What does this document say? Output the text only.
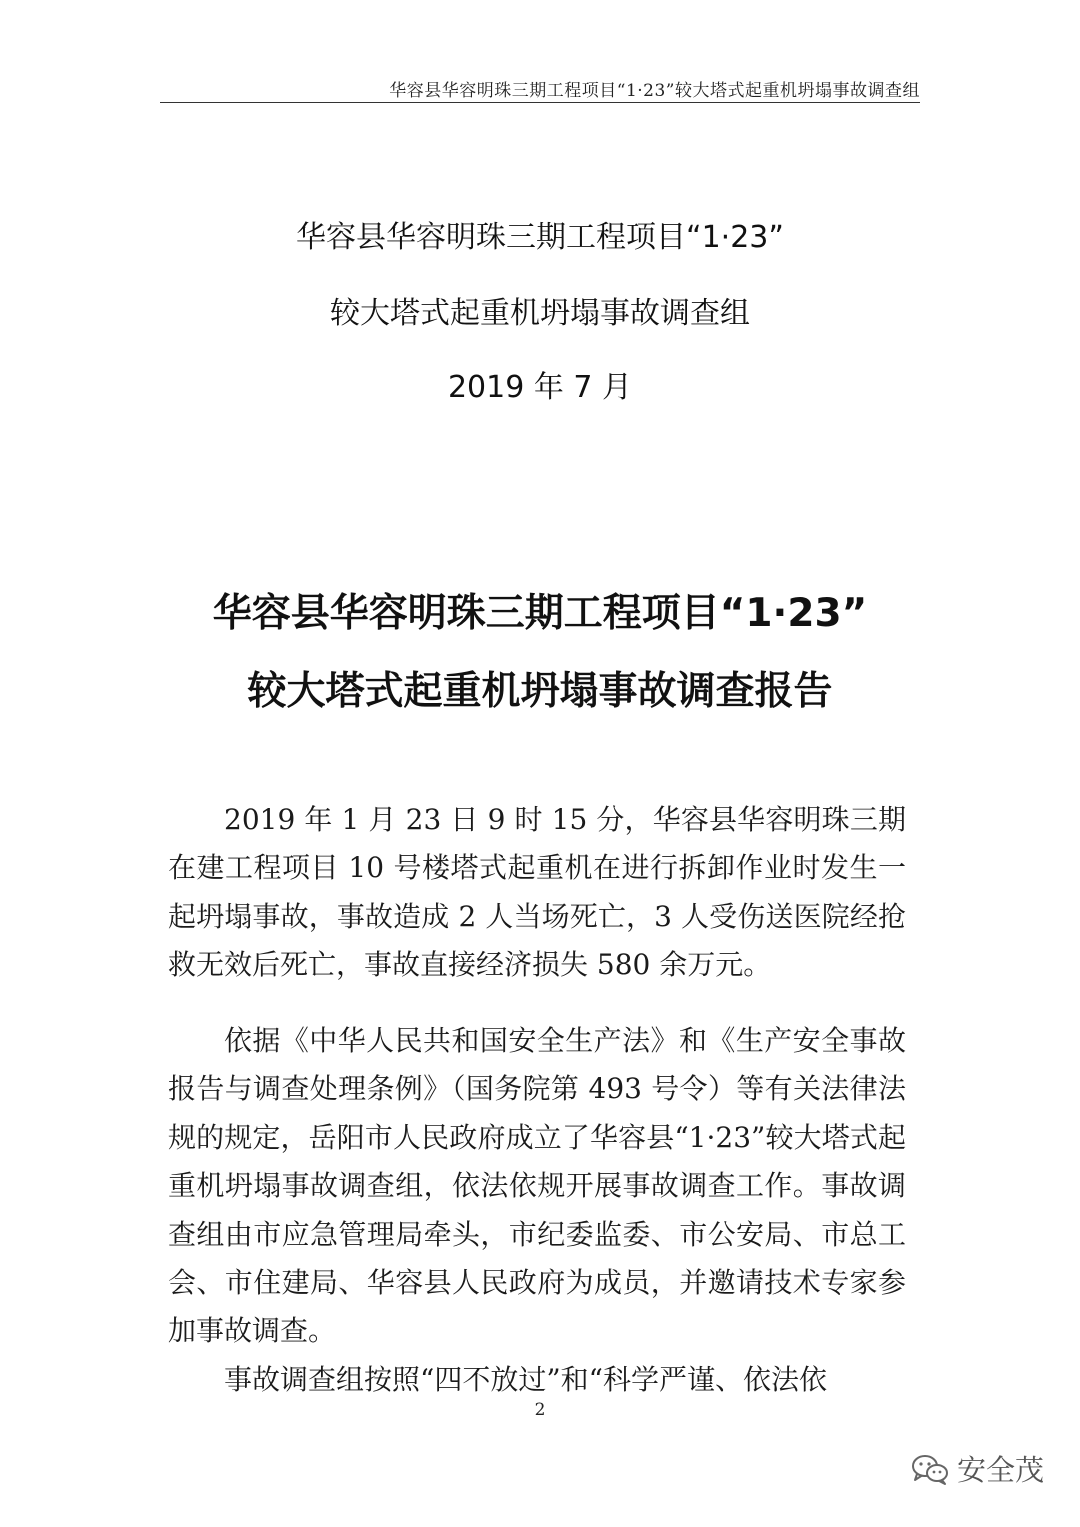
华容县华容明珠三期工程项目“1·23”较大塔式起重机坍塌事故调查组
华容县华容明珠三期工程项目“1·23”
较大塔式起重机坍塌事故调查组
2019 年 7 月
华容县华容明珠三期工程项目“1·23”
较大塔式起重机坍塌事故调查报告

2019 年 1 月 23 日 9 时 15 分，华容县华容明珠三期在建工程项目 10 号楼塔式起重机在进行拆卸作业时发生一起坍塌事故，事故造成 2 人当场死亡，3 人受伤送医院经抢救无效后死亡，事故直接经济损失 580 余万元。

依据《中华人民共和国安全生产法》和《生产安全事故报告与调查处理条例》（国务院第 493 号令）等有关法律法规的规定，岳阳市人民政府成立了华容县“1·23”较大塔式起重机坍塌事故调查组，依法依规开展事故调查工作。事故调查组由市应急管理局牵头，市纪委监委、市公安局、市总工会、市住建局、华容县人民政府为成员，并邀请技术专家参加事故调查。

事故调查组按照“四不放过”和“科学严谨、依法依

2
安全茂
